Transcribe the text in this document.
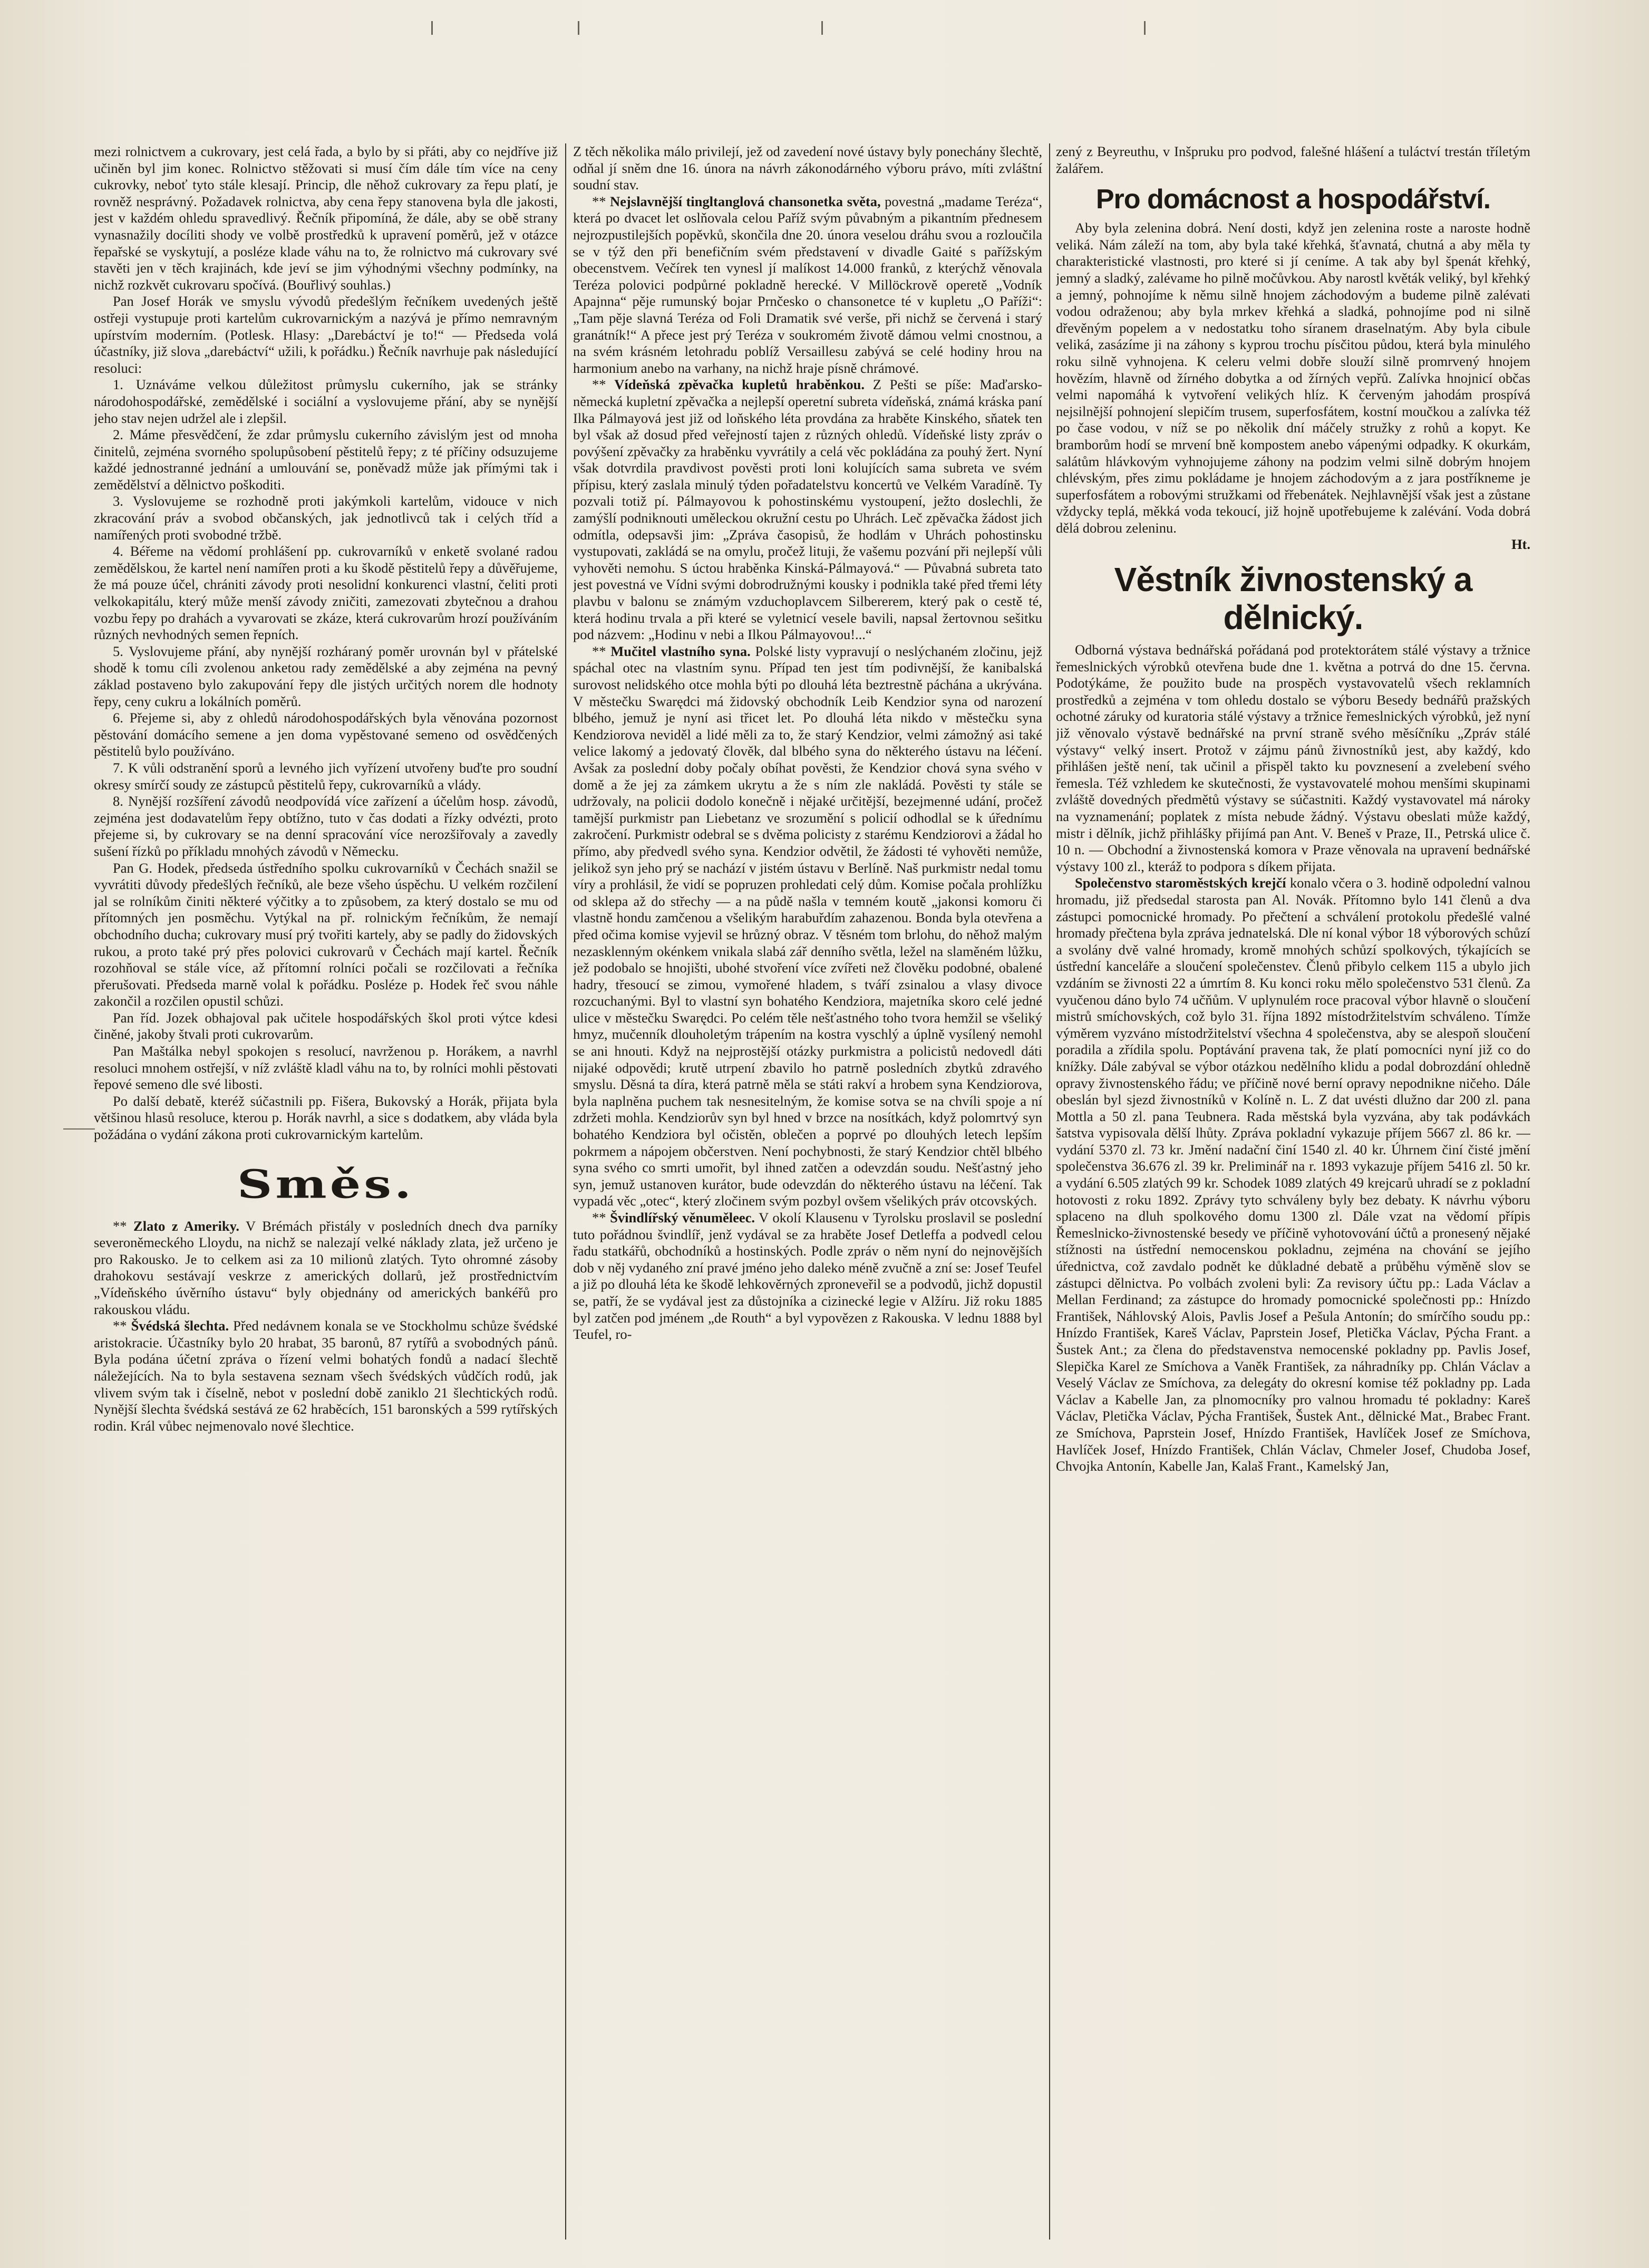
mezi rolnictvem a cukrovary, jest celá řada, a bylo by si přáti, aby co nejdříve již učiněn byl jim konec. Rolnictvo stěžovati si musí čím dále tím více na ceny cukrovky, neboť tyto stále klesají. Princip, dle něhož cukrovary za řepu platí, je rovněž nesprávný. Požadavek rolnictva, aby cena řepy stanovena byla dle jakosti, jest v každém ohledu spravedlivý. Řečník připomíná, že dále, aby se obě strany vynasnažily docíliti shody ve volbě prostředků k upravení poměrů, jež v otázce řepařské se vyskytují, a posléze klade váhu na to, že rolnictvo má cukrovary své stavěti jen v těch krajinách, kde jeví se jim výhodnými všechny podmínky, na nichž rozkvět cukrovaru spočívá. (Bouřlivý souhlas.)

Pan Josef Horák ve smyslu vývodů předešlým řečníkem uvedených ještě ostřeji vystupuje proti kartelům cukrovarnickým a nazývá je přímo nemravným upírstvím moderním. (Potlesk. Hlasy: „Darebáctví je to!“ — Předseda volá účastníky, již slova „darebáctví“ užili, k pořádku.) Řečník navrhuje pak následující resoluci:

1. Uznáváme velkou důležitost průmyslu cukerního, jak se stránky národohospodářské, zemědělské i sociální a vyslovujeme přání, aby se nynější jeho stav nejen udržel ale i zlepšil.

2. Máme přesvědčení, že zdar průmyslu cukerního závislým jest od mnoha činitelů, zejména svorného spolupůsobení pěstitelů řepy; z té příčiny odsuzujeme každé jednostranné jednání a umlouvání se, poněvadž může jak přímými tak i zemědělství a dělnictvo poškoditi.

3. Vyslovujeme se rozhodně proti jakýmkoli kartelům, vidouce v nich zkracování práv a svobod občanských, jak jednotlivců tak i celých tříd a namířených proti svobodné tržbě.

4. Béřeme na vědomí prohlášení pp. cukrovarníků v enketě svolané radou zemědělskou, že kartel není namířen proti a ku škodě pěstitelů řepy a důvěřujeme, že má pouze účel, chrániti závody proti nesolidní konkurenci vlastní, čeliti proti velkokapitálu, který může menší závody zničiti, zamezovati zbytečnou a drahou vozbu řepy po drahách a vyvarovati se zkáze, která cukrovarům hrozí používáním různých nevhodných semen řepních.

5. Vyslovujeme přání, aby nynější rozháraný poměr urovnán byl v přátelské shodě k tomu cíli zvolenou anketou rady zemědělské a aby zejména na pevný základ postaveno bylo zakupování řepy dle jistých určitých norem dle hodnoty řepy, ceny cukru a lokálních poměrů.

6. Přejeme si, aby z ohledů národohospodářských byla věnována pozornost pěstování domácího semene a jen doma vypěstované semeno od osvědčených pěstitelů bylo používáno.

7. K vůli odstranění sporů a levného jich vyřízení utvořeny buďte pro soudní okresy smírčí soudy ze zástupců pěstitelů řepy, cukrovarníků a vlády.

8. Nynější rozšíření závodů neodpovídá více zařízení a účelům hosp. závodů, zejména jest dodavatelům řepy obtížno, tuto v čas dodati a řízky odvézti, proto přejeme si, by cukrovary se na denní spracování více nerozšiřovaly a zavedly sušení řízků po příkladu mnohých závodů v Německu.

Pan G. Hodek, předseda ústředního spolku cukrovarníků v Čechách snažil se vyvrátiti důvody předešlých řečníků, ale beze všeho úspěchu. U velkém rozčilení jal se rolníkům činiti některé výčitky a to způsobem, za který dostalo se mu od přítomných jen posměchu. Vytýkal na př. rolnickým řečníkům, že nemají obchodního ducha; cukrovary musí prý tvořiti kartely, aby se padly do židovských rukou, a proto také prý přes polovici cukrovarů v Čechách mají kartel. Řečník rozohňoval se stále více, až přítomní rolníci počali se rozčilovati a řečníka přerušovati. Předseda marně volal k pořádku. Posléze p. Hodek řeč svou náhle zakončil a rozčilen opustil schůzi.

Pan říd. Jozek obhajoval pak učitele hospodářských škol proti výtce kdesi činěné, jakoby štvali proti cukrovarům.

Pan Maštálka nebyl spokojen s resolucí, navrženou p. Horákem, a navrhl resoluci mnohem ostřejší, v níž zvláště kladl váhu na to, by rolníci mohli pěstovati řepové semeno dle své libosti.

Po další debatě, kteréž súčastnili pp. Fišera, Bukovský a Horák, přijata byla většinou hlasů resoluce, kterou p. Horák navrhl, a sice s dodatkem, aby vláda byla požádána o vydání zákona proti cukrovarnickým kartelům.

Směs.

** Zlato z Ameriky. V Brémách přistály v posledních dnech dva parníky severoněmeckého Lloydu, na nichž se nalezají velké náklady zlata, jež určeno je pro Rakousko. Je to celkem asi za 10 milionů zlatých. Tyto ohromné zásoby drahokovu sestávají veskrze z amerických dollarů, jež prostřednictvím „Vídeňského úvěrního ústavu“ byly objednány od amerických bankéřů pro rakouskou vládu.

** Švédská šlechta. Před nedávnem konala se ve Stockholmu schůze švédské aristokracie. Účastníky bylo 20 hrabat, 35 baronů, 87 rytířů a svobodných pánů. Byla podána účetní zpráva o řízení velmi bohatých fondů a nadací šlechtě náležejících. Na to byla sestavena seznam všech švédských vůdčích rodů, jak vlivem svým tak i číselně, nebot v poslední době zaniklo 21 šlechtických rodů. Nynější šlechta švédská sestává ze 62 hraběcích, 151 baronských a 599 rytířských rodin. Král vůbec nejmenovalo nové šlechtice.

Z těch několika málo privilejí, jež od zavedení nové ústavy byly ponechány šlechtě, odňal jí sněm dne 16. února na návrh zákonodárného výboru právo, míti zvláštní soudní stav.

** Nejslavnější tingltanglová chansonetka světa, povestná „madame Teréza“, která po dvacet let oslňovala celou Paříž svým půvabným a pikantním přednesem nejrozpustilejších popěvků, skončila dne 20. února veselou dráhu svou a rozloučila se v týž den při benefičním svém představení v divadle Gaité s pařížským obecenstvem. Večírek ten vynesl jí malíkost 14.000 franků, z kterýchž věnovala Teréza polovici podpůrné pokladně herecké. V Millöckrově operetě „Vodník Apajnna“ pěje rumunský bojar Prnčesko o chansonetce té v kupletu „O Paříži“: „Tam pěje slavná Teréza od Foli Dramatik své verše, při nichž se červená i starý granátník!“ A přece jest prý Teréza v soukromém životě dámou velmi cnostnou, a na svém krásném letohradu poblíž Versaillesu zabývá se celé hodiny hrou na harmonium anebo na varhany, na nichž hraje písně chrámové.

** Vídeňská zpěvačka kupletů hraběnkou. Z Pešti se píše: Maďarsko-německá kupletní zpěvačka a nejlepší operetní subreta vídeňská, známá kráska paní Ilka Pálmayová jest již od loňského léta provdána za hraběte Kinského, sňatek ten byl však až dosud před veřejností tajen z různých ohledů. Vídeňské listy zpráv o povýšení zpěvačky za hraběnku vyvrátily a celá věc pokládána za pouhý žert. Nyní však dotvrdila pravdivost pověsti proti loni kolujících sama subreta ve svém přípisu, který zaslala minulý týden pořadatelstvu koncertů ve Velkém Varadíně. Ty pozvali totiž pí. Pálmayovou k pohostinskému vystoupení, ježto doslechli, že zamýšlí podniknouti uměleckou okružní cestu po Uhrách. Leč zpěvačka žádost jich odmítla, odepsavši jim: „Zpráva časopisů, že hodlám v Uhrách pohostinsku vystupovati, zakládá se na omylu, pročež lituji, že vašemu pozvání při nejlepší vůli vyhověti nemohu. S úctou hraběnka Kinská-Pálmayová.“ — Půvabná subreta tato jest povestná ve Vídni svými dobrodružnými kousky i podnikla také před třemi léty plavbu v balonu se známým vzduchoplavcem Silbererem, který pak o cestě té, která hodinu trvala a při které se vyletnicí vesele bavili, napsal žertovnou sešitku pod názvem: „Hodinu v nebi a Ilkou Pálmayovou!...“

** Mučitel vlastního syna. Polské listy vypravují o neslýchaném zločinu, jejž spáchal otec na vlastním synu. Případ ten jest tím podivnější, že kanibalská surovost nelidského otce mohla býti po dlouhá léta beztrestně páchána a ukrývána. V městečku Swarędci má židovský obchodník Leib Kendzior syna od narození blbého, jemuž je nyní asi třicet let. Po dlouhá léta nikdo v městečku syna Kendziorova neviděl a lidé měli za to, že starý Kendzior, velmi zámožný asi také velice lakomý a jedovatý člověk, dal blbého syna do některého ústavu na léčení. Avšak za poslední doby počaly obíhat pověsti, že Kendzior chová syna svého v domě a že jej za zámkem ukrytu a že s ním zle nakládá. Pověsti ty stále se udržovaly, na policii dodolo konečně i nějaké určitější, bezejmenné udání, pročež tamější purkmistr pan Liebetanz ve srozumění s policií odhodlal se k úřednímu zakročení. Purkmistr odebral se s dvěma policisty z starému Kendziorovi a žádal ho přímo, aby předvedl svého syna. Kendzior odvětil, že žádosti té vyhověti nemůže, jelikož syn jeho prý se nachází v jistém ústavu v Berlíně. Naš purkmistr nedal tomu víry a prohlásil, že vidí se popruzen prohledati celý dům. Komise počala prohlížku od sklepa až do střechy — a na půdě našla v temném koutě „jakonsi komoru či vlastně hondu zamčenou a všelikým harabuřdím zahazenou. Bonda byla otevřena a před očima komise vyjevil se hrůzný obraz. V těsném tom brlohu, do něhož malým nezasklenným okénkem vnikala slabá zář denního světla, ležel na slaměném lůžku, jež podobalo se hnojišti, ubohé stvoření více zvířeti než člověku podobné, obalené hadry, třesoucí se zimou, vymořené hladem, s tváří zsinalou a vlasy divoce rozcuchanými. Byl to vlastní syn bohatého Kendziora, majetníka skoro celé jedné ulice v městečku Swarędci. Po celém těle nešťastného toho tvora hemžil se všeliký hmyz, mučenník dlouholetým trápením na kostra vyschlý a úplně vysílený nemohl se ani hnouti. Když na nejprostější otázky purkmistra a policistů nedovedl dáti nijaké odpovědi; krutě utrpení zbavilo ho patrně posledních zbytků zdravého smyslu. Děsná ta díra, která patrně měla se státi rakví a hrobem syna Kendziorova, byla naplněna puchem tak nesnesitelným, že komise sotva se na chvíli spoje a ní zdržeti mohla. Kendziorův syn byl hned v brzce na nosítkách, když polomrtvý syn bohatého Kendziora byl očistěn, oblečen a poprvé po dlouhých letech lepším pokrmem a nápojem občerstven. Není pochybnosti, že starý Kendzior chtěl blbého syna svého co smrti umořit, byl ihned zatčen a odevzdán soudu. Nešťastný jeho syn, jemuž ustanoven kurátor, bude odevzdán do některého ústavu na léčení. Tak vypadá věc „otec“, který zločinem svým pozbyl ovšem všelikých práv otcovských.

** Švindlířský věnuměleec. V okolí Klausenu v Tyrolsku proslavil se poslední tuto pořádnou švindlíř, jenž vydával se za hraběte Josef Detleffa a podvedl celou řadu statkářů, obchodníků a hostinských. Podle zpráv o něm nyní do nejnovějších dob v něj vydaného zní pravé jméno jeho daleko méně zvučně a zní se: Josef Teufel a již po dlouhá léta ke škodě lehkověrných zproneveřil se a podvodů, jichž dopustil se, patří, že se vydával jest za důstojníka a cizinecké legie v Alžíru. Již roku 1885 byl zatčen pod jménem „de Routh“ a byl vypovězen z Rakouska. V lednu 1888 byl Teufel, ro-

zený z Beyreuthu, v Inšpruku pro podvod, falešné hlášení a tuláctví trestán tříletým žalářem.

Pro domácnost a hospodářství.

Aby byla zelenina dobrá. Není dosti, když jen zelenina roste a naroste hodně veliká. Nám záleží na tom, aby byla také křehká, šťavnatá, chutná a aby měla ty charakteristické vlastnosti, pro které si jí ceníme. A tak aby byl špenát křehký, jemný a sladký, zalévame ho pilně močůvkou. Aby narostl květák veliký, byl křehký a jemný, pohnojíme k němu silně hnojem záchodovým a budeme pilně zalévati vodou odraženou; aby byla mrkev křehká a sladká, pohnojíme pod ni silně dřevěným popelem a v nedostatku toho síranem draselnatým. Aby byla cibule veliká, zasázíme ji na záhony s kyprou trochu písčitou půdou, která byla minulého roku silně vyhnojena. K celeru velmi dobře slouží silně promrvený hnojem hovězím, hlavně od žírného dobytka a od žírných vepřů. Zalívka hnojnicí občas velmi napomáhá k vytvoření velikých hlíz. K červeným jahodám prospívá nejsilnější pohnojení slepičím trusem, superfosfátem, kostní moučkou a zalívka též po čase vodou, v níž se po několik dní máčely stružky z rohů a kopyt. Ke bramborům hodí se mrvení bně kompostem anebo vápenými odpadky. K okurkám, salátům hlávkovým vyhnojujeme záhony na podzim velmi silně dobrým hnojem chlévským, přes zimu pokládame je hnojem záchodovým a z jara postříkneme je superfosfátem a robovými stružkami od řřebenátek. Nejhlavnější však jest a zůstane vždycky teplá, měkká voda tekoucí, již hojně upotřebujeme k zalévání. Voda dobrá dělá dobrou zeleninu.

Ht.

Věstník živnostenský a dělnický.

Odborná výstava bednářská pořádaná pod protektorátem stálé výstavy a tržnice řemeslnických výrobků otevřena bude dne 1. května a potrvá do dne 15. června. Podotýkáme, že použito bude na prospěch vystavovatelů všech reklamních prostředků a zejména v tom ohledu dostalo se výboru Besedy bednářů pražských ochotné záruky od kuratoria stálé výstavy a tržnice řemeslnických výrobků, jež nyní již věnovalo výstavě bednářské na první straně svého měsíčníku „Zpráv stálé výstavy“ velký insert. Protož v zájmu pánů živnostníků jest, aby každý, kdo přihlášen ještě není, tak učinil a přispěl takto ku povznesení a zvelebení svého řemesla. Též vzhledem ke skutečnosti, že vystavovatelé mohou menšími skupinami zvláště dovedných předmětů výstavy se súčastniti. Každý vystavovatel má nároky na vyznamenání; poplatek z místa nebude žádný. Výstavu obeslati může každý, mistr i dělník, jichž přihlášky přijímá pan Ant. V. Beneš v Praze, II., Petrská ulice č. 10 n. — Obchodní a živnostenská komora v Praze věnovala na upravení bednářské výstavy 100 zl., kteráž to podpora s díkem přijata.

Společenstvo staroměstských krejčí konalo včera o 3. hodině odpolední valnou hromadu, již předsedal starosta pan Al. Novák. Přítomno bylo 141 členů a dva zástupci pomocnické hromady. Po přečtení a schválení protokolu předešlé valné hromady přečtena byla zpráva jednatelská. Dle ní konal výbor 18 výborových schůzí a svolány dvě valné hromady, kromě mnohých schůzí spolkových, týkajících se ústřední kanceláře a sloučení společenstev. Členů přibylo celkem 115 a ubylo jich vzdáním se živnosti 22 a úmrtím 8. Ku konci roku mělo společenstvo 531 členů. Za vyučenou dáno bylo 74 učňům. V uplynulém roce pracoval výbor hlavně o sloučení mistrů smíchovských, což bylo 31. října 1892 místodržitelstvím schváleno. Tímže výměrem vyzváno místodržitelství všechna 4 společenstva, aby se alespoň sloučení poradila a zřídila spolu. Poptávání pravena tak, že platí pomocníci nyní již co do knížky. Dále zabýval se výbor otázkou nedělního klidu a podal dobrozdání ohledně opravy živnostenského řádu; ve příčině nové berní opravy nepodnikne ničeho. Dále obeslán byl sjezd živnostníků v Kolíně n. L. Z dat uvésti dlužno dar 200 zl. pana Mottla a 50 zl. pana Teubnera. Rada městská byla vyzvána, aby tak podávkách šatstva vypisovala dělší lhůty. Zpráva pokladní vykazuje příjem 5667 zl. 86 kr. — vydání 5370 zl. 73 kr. Jmění nadační činí 1540 zl. 40 kr. Úhrnem činí čisté jmění společenstva 36.676 zl. 39 kr. Preliminář na r. 1893 vykazuje příjem 5416 zl. 50 kr. a vydání 6.505 zlatých 99 kr. Schodek 1089 zlatých 49 krejcarů uhradí se z pokladní hotovosti z roku 1892. Zprávy tyto schváleny byly bez debaty. K návrhu výboru splaceno na dluh spolkového domu 1300 zl. Dále vzat na vědomí přípis Řemeslnicko-živnostenské besedy ve příčině vyhotovování účtů a pronesený nějaké stížnosti na ústřední nemocenskou pokladnu, zejména na chování se jejího úřednictva, což zavdalo podnět ke důkladné debatě a průběhu výměně slov se zástupci dělnictva. Po volbách zvoleni byli: Za revisory účtu pp.: Lada Václav a Mellan Ferdinand; za zástupce do hromady pomocnické společnosti pp.: Hnízdo František, Náhlovský Alois, Pavlis Josef a Pešula Antonín; do smírčího soudu pp.: Hnízdo František, Kareš Václav, Paprstein Josef, Pletička Václav, Pýcha Frant. a Šustek Ant.; za člena do představenstva nemocenské pokladny pp. Pavlis Josef, Slepička Karel ze Smíchova a Vaněk František, za náhradníky pp. Chlán Václav a Veselý Václav ze Smíchova, za delegáty do okresní komise též pokladny pp. Lada Václav a Kabelle Jan, za plnomocníky pro valnou hromadu té pokladny: Kareš Václav, Pletička Václav, Pýcha František, Šustek Ant., dělnické Mat., Brabec Frant. ze Smíchova, Paprstein Josef, Hnízdo František, Havlíček Josef ze Smíchova, Havlíček Josef, Hnízdo František, Chlán Václav, Chmeler Josef, Chudoba Josef, Chvojka Antonín, Kabelle Jan, Kalaš Frant., Kamelský Jan,
